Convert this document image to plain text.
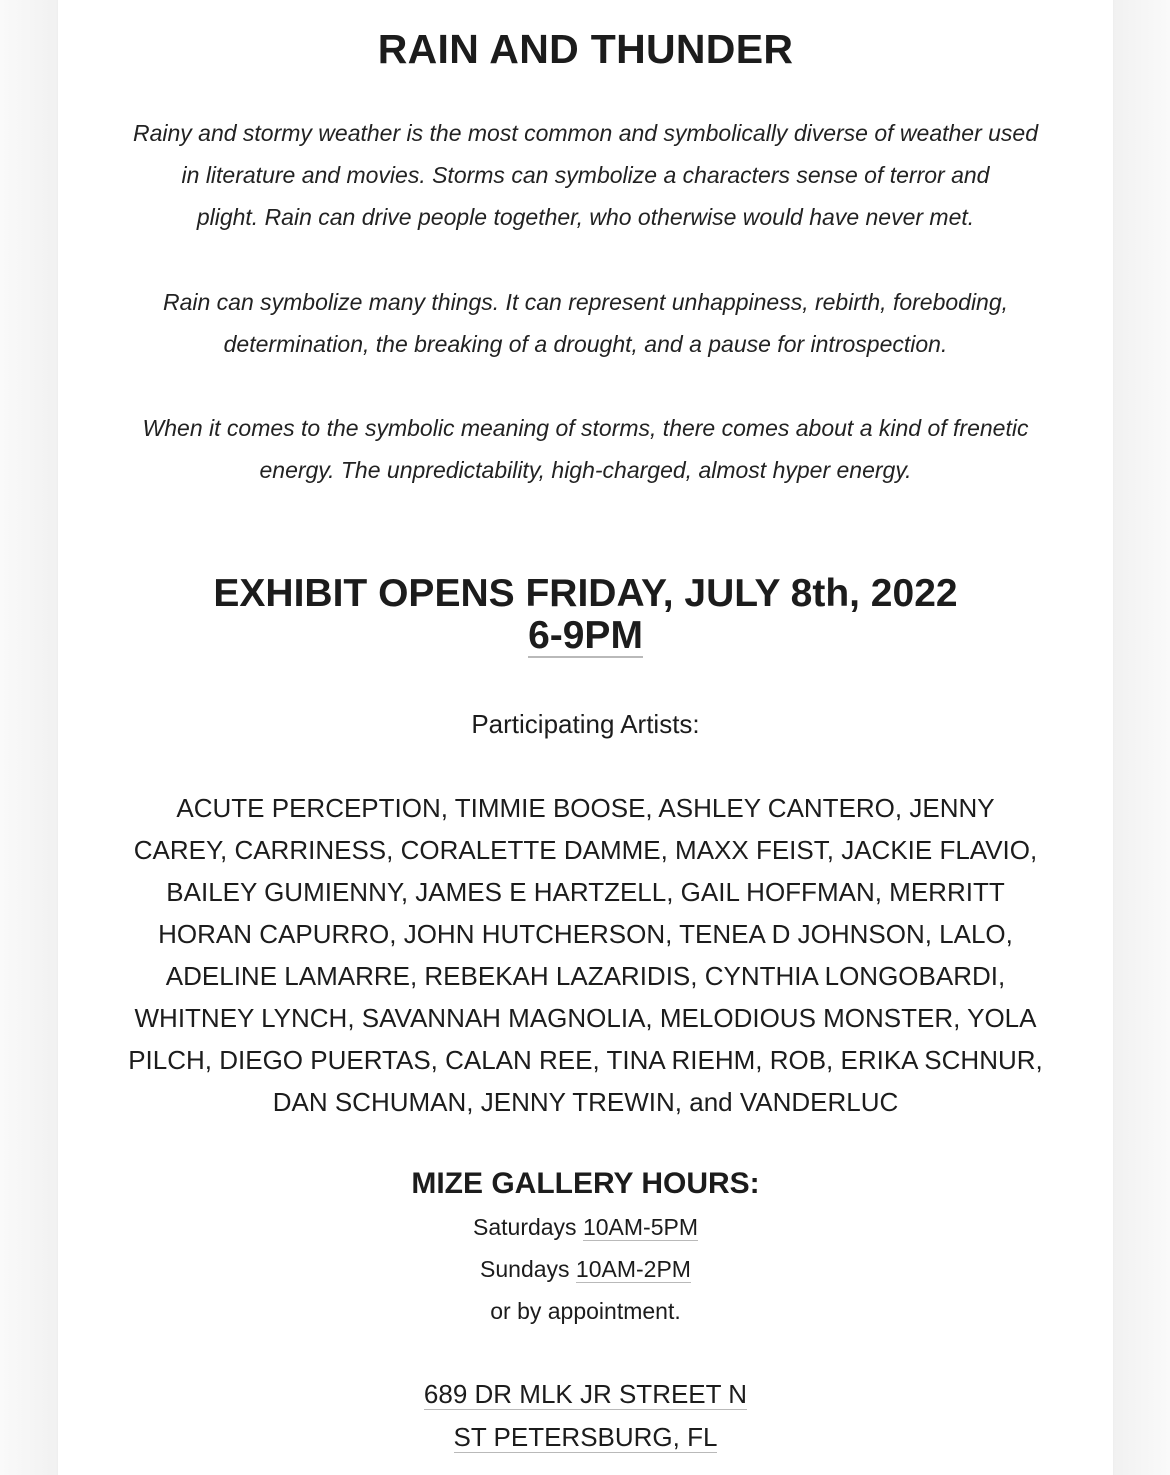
RAIN AND THUNDER

Rainy and stormy weather is the most common and symbolically diverse of weather used
in literature and movies. Storms can symbolize a characters sense of terror and
plight. Rain can drive people together, who otherwise would have never met.

Rain can symbolize many things. It can represent unhappiness, rebirth, foreboding,
determination, the breaking of a drought, and a pause for introspection.

When it comes to the symbolic meaning of storms, there comes about a kind of frenetic
energy. The unpredictability, high-charged, almost hyper energy.

EXHIBIT OPENS FRIDAY, JULY 8th, 2022
6-9PM

Participating Artists:

ACUTE PERCEPTION, TIMMIE BOOSE, ASHLEY CANTERO, JENNY
CAREY, CARRINESS, CORALETTE DAMME, MAXX FEIST, JACKIE FLAVIO,
BAILEY GUMIENNY, JAMES E HARTZELL, GAIL HOFFMAN, MERRITT
HORAN CAPURRO, JOHN HUTCHERSON, TENEA D JOHNSON, LALO,
ADELINE LAMARRE, REBEKAH LAZARIDIS, CYNTHIA LONGOBARDI,
WHITNEY LYNCH, SAVANNAH MAGNOLIA, MELODIOUS MONSTER, YOLA
PILCH, DIEGO PUERTAS, CALAN REE, TINA RIEHM, ROB, ERIKA SCHNUR,
DAN SCHUMAN, JENNY TREWIN, and VANDERLUC

MIZE GALLERY HOURS:

Saturdays 10AM-5PM

Sundays 10AM-2PM

or by appointment.

689 DR MLK JR STREET N

ST PETERSBURG, FL
